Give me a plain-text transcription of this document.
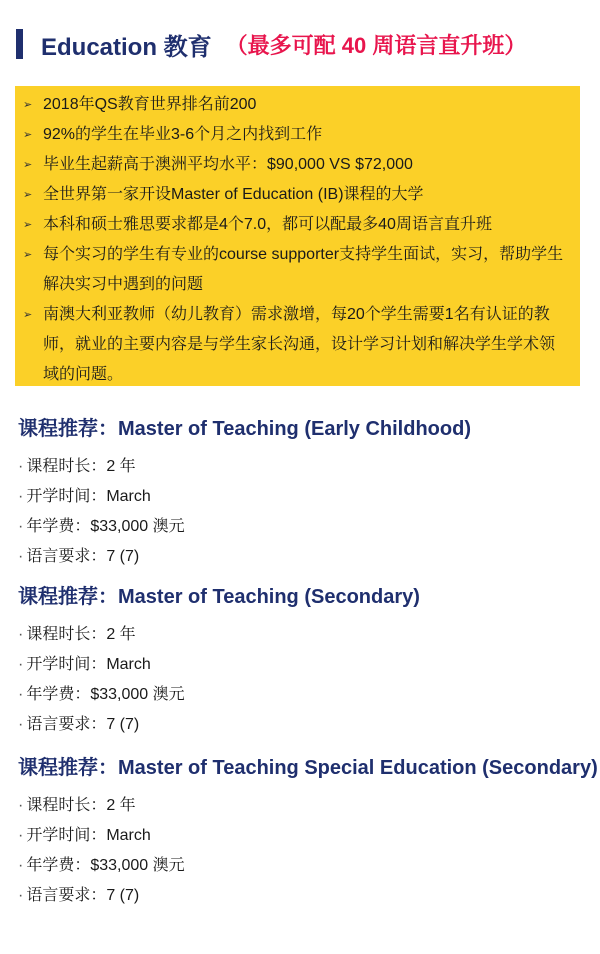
Education 教育 （最多可配 40 周语言直升班）
➢ 2018年QS教育世界排名前200
➢ 92%的学生在毕业3-6个月之内找到工作
➢ 毕业生起薪高于澳洲平均水平：$90,000 VS $72,000
➢ 全世界第一家开设Master of Education (IB)课程的大学
➢ 本科和硕士雅思要求都是4个7.0，都可以配最多40周语言直升班
➢ 每个实习的学生有专业的course supporter支持学生面试，实习，帮助学生解决实习中遇到的问题
➢ 南澳大利亚教师（幼儿教育）需求激增，每20个学生需要1名有认证的教师，就业的主要内容是与学生家长沟通，设计学习计划和解决学生学术领域的问题。
课程推荐：Master of Teaching (Early Childhood)
· 课程时长：2 年
· 开学时间：March
· 年学费：$33,000 澳元
· 语言要求：7 (7)
课程推荐：Master of Teaching (Secondary)
· 课程时长：2 年
· 开学时间：March
· 年学费：$33,000 澳元
· 语言要求：7 (7)
课程推荐：Master of Teaching Special Education (Secondary)
· 课程时长：2 年
· 开学时间：March
· 年学费：$33,000 澳元
· 语言要求：7 (7)
